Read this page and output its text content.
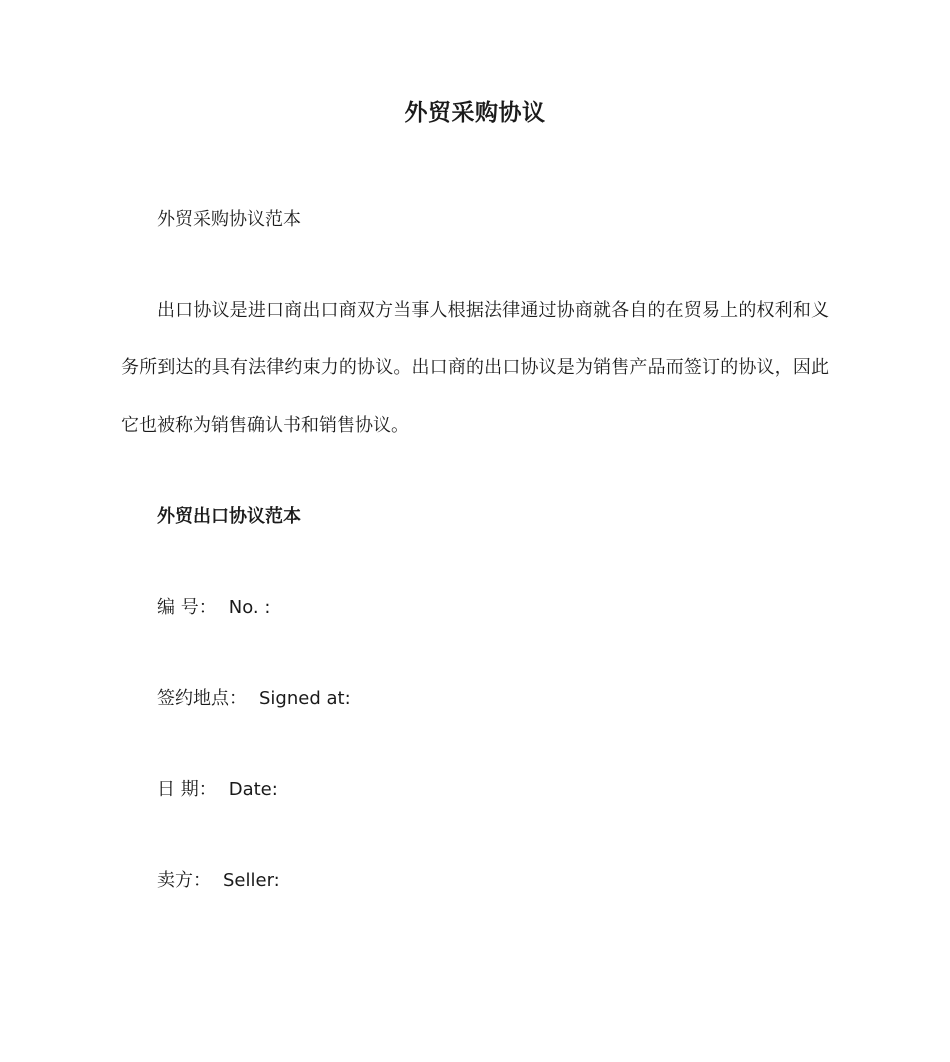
外贸采购协议
外贸采购协议范本
出口协议是进口商出口商双方当事人根据法律通过协商就各自的在贸易上的权利和义
务所到达的具有法律约束力的协议。出口商的出口协议是为销售产品而签订的协议，因此
它也被称为销售确认书和销售协议。
外贸出口协议范本
编 号： No. :
签约地点： Signed at:
日 期： Date:
卖方： Seller:
